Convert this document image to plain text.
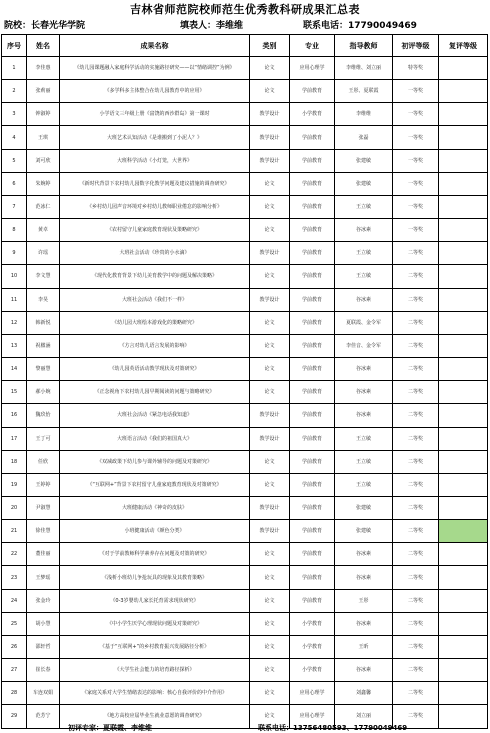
吉林省师范院校师范生优秀教科研成果汇总表
院校：长春光华学院	填表人：李维维	联系电话：17790049469
序号	姓名	成果名称	类别	专业	指导教师	初评等级	复评等级
1	李佳惠	《幼儿园课题融入家庭科学活动的实施路径研究——以“情绪调控”为例》	论文	应用心理学	李维维、刘立丽	特等奖	
2	张莉丽	《多学科多主体整合在幼儿园教育中的应用》	论文	学前教育	王彤、夏联霞	一等奖	
3	钟淑婷	小学语文三年级上册《富饶的西沙群岛》第一课时	教学设计	小学教育	李维维	一等奖	
4	王琪	大班艺术认知活动《是谁搬到了小泥人？》	教学设计	学前教育	张磊	一等奖	
5	刘可欣	大班科学活动《小灯笼，大世界》	教学设计	学前教育	张建敏	一等奖	
6	朱婉婷	《新时代背景下农村幼儿园数字化教学问题及建议措施的调查研究》	论文	学前教育	张建敏	一等奖	
7	范冰仁	《乡村幼儿园声音环境对乡村幼儿教师职业倦怠的影响分析》	论文	学前教育	王立敏	一等奖	
8	黄卓	《农村留守儿童家庭教育现状及策略研究》	论文	学前教育	谷冰素	一等奖	
9	许瑶	大班社会活动《珍贵的小水滴》	教学设计	学前教育	王立敏	二等奖	
10	李文慧	《现代化教育背景下幼儿美育教学中的问题及解决策略》	论文	学前教育	王立敏	二等奖	
11	李昊	大班社会活动《我们不一样》	教学设计	学前教育	谷冰素	二等奖	
12	韩新悦	《幼儿园大班绘本游戏化的策略研究》	论文	学前教育	夏联霞、金令军	二等奖	
13	祝楹涵	《方言对幼儿语言发展的影响》	论文	学前教育	李佳音、金令军	二等奖	
14	黎丽慧	《幼儿园英语活动教学现状及对策研究》	论文	学前教育	谷冰素	二等奖	
15	郝小婉	《正念视角下农村幼儿园早期阅读的问题与策略研究》	论文	学前教育	谷冰素	二等奖	
16	魏玖怡	大班社会活动《紧急电话我知道》	教学设计	学前教育	谷冰素	二等奖	
17	王丁可	大班语言活动《我们的祖国真大》	教学设计	学前教育	王立敏	二等奖	
18	任欣	《双减政策下幼儿参与课外辅导的问题及对策研究》	论文	学前教育	王立敏	二等奖	
19	王婷婷	《“互联网+”背景下农村留守儿童家庭教育现状及对策研究》	论文	学前教育	王立敏	二等奖	
20	尹淑慧	大班健康活动《神奇的皮肤》	教学设计	学前教育	张建敏	二等奖	
21	徐佳慧	小班健康活动《颜色分类》	教学设计	学前教育	张建敏	二等奖	
22	董佳丽	《对于学前教师科学素养存在问题及对策的研究》	论文	学前教育	谷冰素	二等奖	
23	王梦瑶	《浅析小班幼儿争抢玩具的现象及其教育策略》	论文	学前教育	谷冰素	二等奖	
24	张金玲	《0-3岁婴幼儿家长托育需求现状研究》	论文	学前教育	王彤	二等奖	
25	胡小慧	《中小学生厌学心理现状问题及对策研究》	论文	小学教育	谷冰素	二等奖	
26	邵轩哲	《基于“互联网+”的乡村教育振兴发展路径分析》	论文	小学教育	王昕	二等奖	
27	崔长春	《大学生社会能力的培育路径探析》	论文	小学教育	谷冰素	二等奖	
28	车连双娟	《家庭关系对大学生情绪表达的影响：核心自我评价的中介作用》	论文	应用心理学	刘鑫馨	二等奖	
29	范芳宁	《地方高校应届毕业生就业意愿的调查研究》	论文	应用心理学	刘立丽	二等奖	
初评专家：夏联霞、李维维	联系电话：13756480593、17790049469
